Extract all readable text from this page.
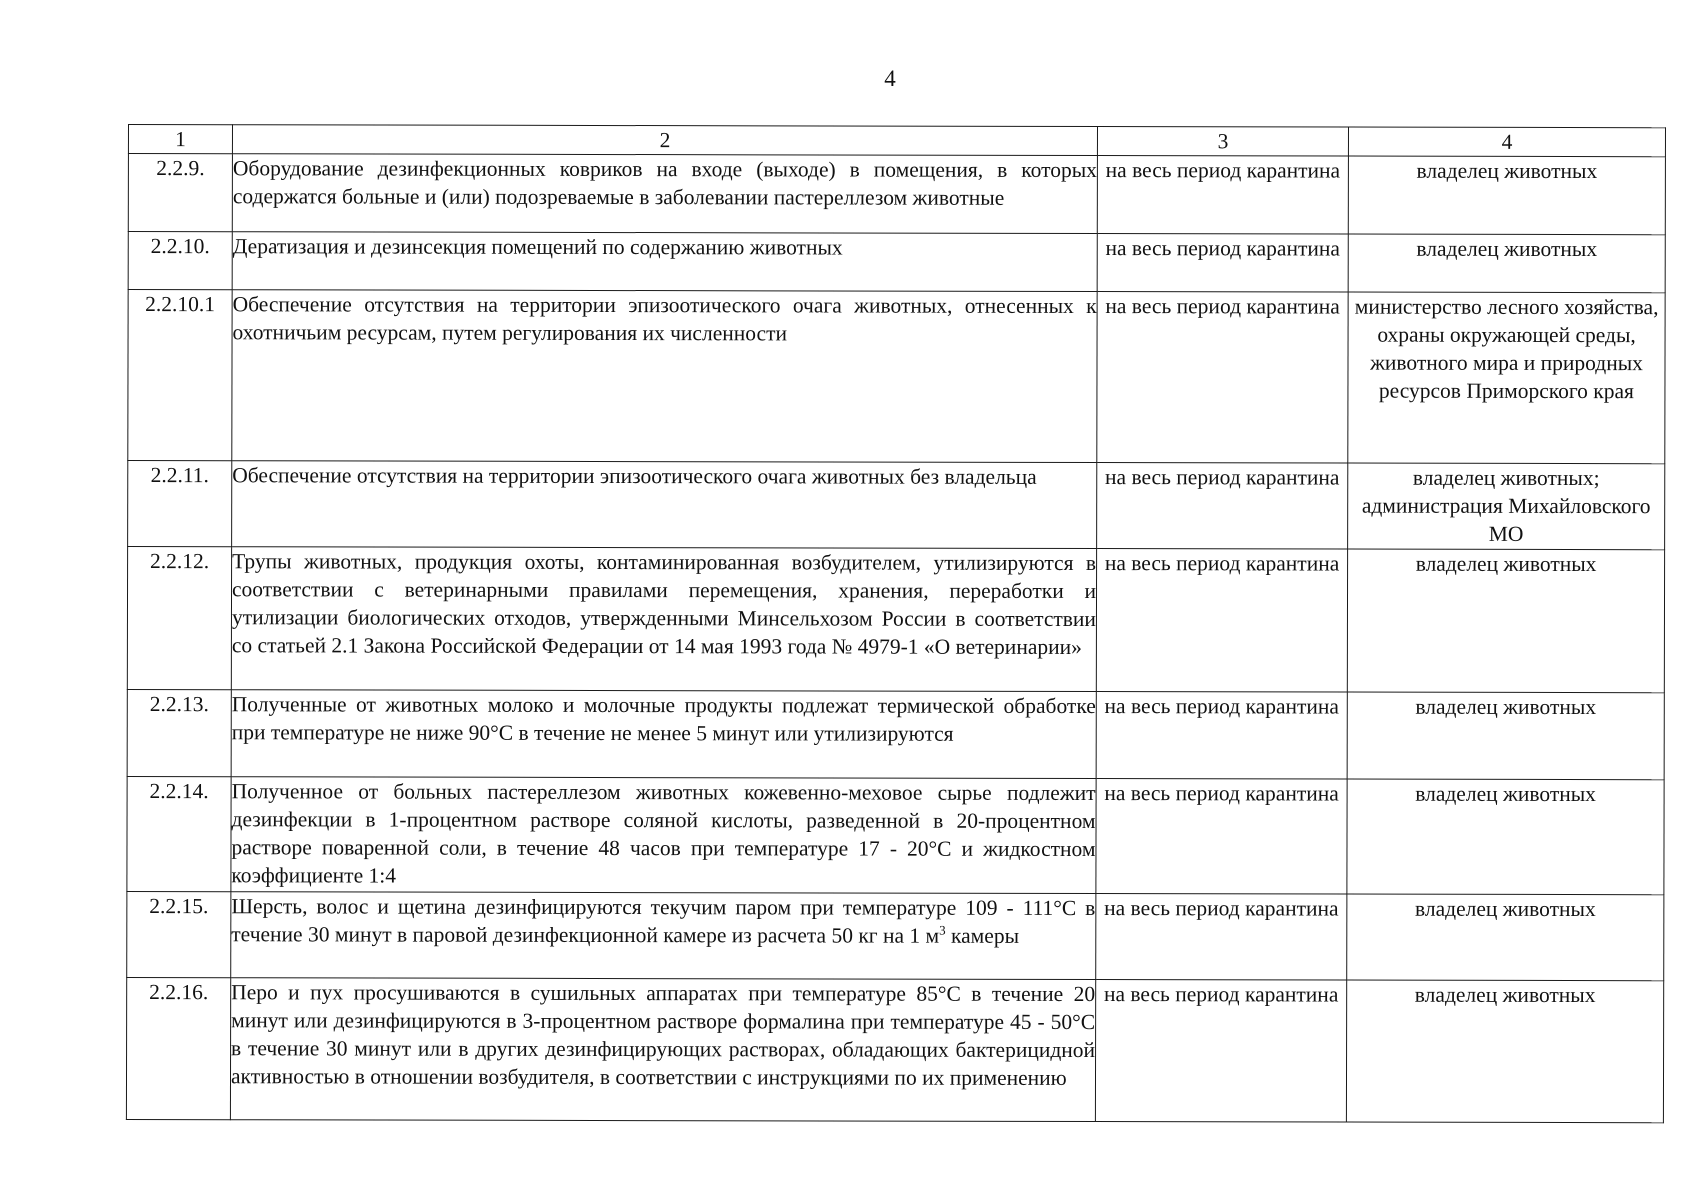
4
1	2	3	4
2.2.9.	Оборудование дезинфекционных ковриков на входе (выходе) в помещения, в которых содержатся больные и (или) подозреваемые в заболевании пастереллезом животные	на весь период карантина	владелец животных
2.2.10.	Дератизация и дезинсекция помещений по содержанию животных	на весь период карантина	владелец животных
2.2.10.1	Обеспечение отсутствия на территории эпизоотического очага животных, отнесенных к охотничьим ресурсам, путем регулирования их численности	на весь период карантина	министерство лесного хозяйства, охраны окружающей среды, животного мира и природных ресурсов Приморского края
2.2.11.	Обеспечение отсутствия на территории эпизоотического очага животных без владельца	на весь период карантина	владелец животных; администрация Михайловского МО
2.2.12.	Трупы животных, продукция охоты, контаминированная возбудителем, утилизируются в соответствии с ветеринарными правилами перемещения, хранения, переработки и утилизации биологических отходов, утвержденными Минсельхозом России в соответствии со статьей 2.1 Закона Российской Федерации от 14 мая 1993 года № 4979-1 «О ветеринарии»	на весь период карантина	владелец животных
2.2.13.	Полученные от животных молоко и молочные продукты подлежат термической обработке при температуре не ниже 90°С в течение не менее 5 минут или утилизируются	на весь период карантина	владелец животных
2.2.14.	Полученное от больных пастереллезом животных кожевенно-меховое сырье подлежит дезинфекции в 1-процентном растворе соляной кислоты, разведенной в 20-процентном растворе поваренной соли, в течение 48 часов при температуре 17 - 20°С и жидкостном коэффициенте 1:4	на весь период карантина	владелец животных
2.2.15.	Шерсть, волос и щетина дезинфицируются текучим паром при температуре 109 - 111°С в течение 30 минут в паровой дезинфекционной камере из расчета 50 кг на 1 $м^3$ камеры	на весь период карантина	владелец животных
2.2.16.	Перо и пух просушиваются в сушильных аппаратах при температуре 85°С в течение 20 минут или дезинфицируются в 3-процентном растворе формалина при температуре 45 - 50°С в течение 30 минут или в других дезинфицирующих растворах, обладающих бактерицидной активностью в отношении возбудителя, в соответствии с инструкциями по их применению	на весь период карантина	владелец животных
